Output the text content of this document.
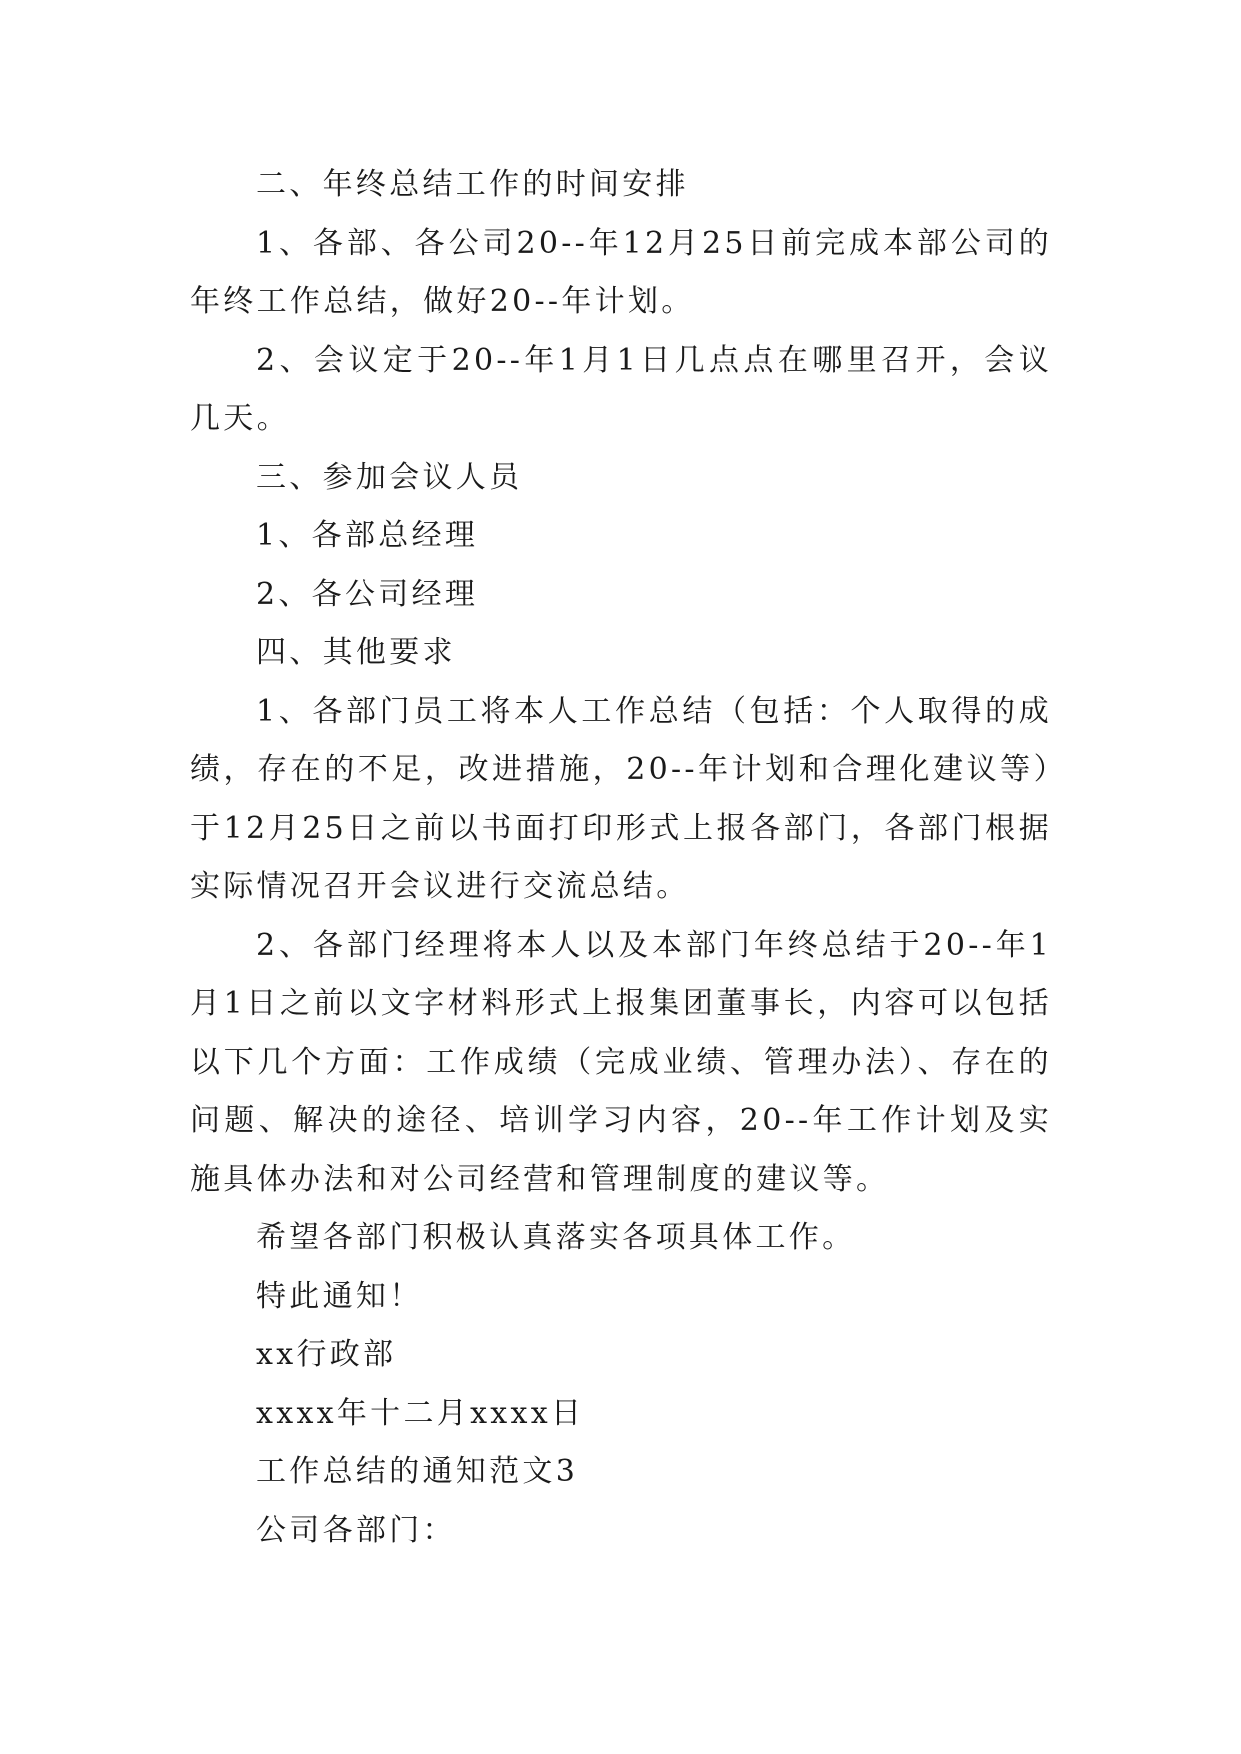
二、年终总结工作的时间安排

1、各部、各公司20--年12月25日前完成本部公司的年终工作总结，做好20--年计划。

2、会议定于20--年1月1日几点点在哪里召开，会议几天。

三、参加会议人员

1、各部总经理

2、各公司经理

四、其他要求

1、各部门员工将本人工作总结（包括：个人取得的成绩，存在的不足，改进措施，20--年计划和合理化建议等）于12月25日之前以书面打印形式上报各部门，各部门根据实际情况召开会议进行交流总结。

2、各部门经理将本人以及本部门年终总结于20--年1月1日之前以文字材料形式上报集团董事长，内容可以包括以下几个方面：工作成绩（完成业绩、管理办法）、存在的问题、解决的途径、培训学习内容，20--年工作计划及实施具体办法和对公司经营和管理制度的建议等。

希望各部门积极认真落实各项具体工作。

特此通知！

xx行政部

xxxx年十二月xxxx日

工作总结的通知范文3

公司各部门：
